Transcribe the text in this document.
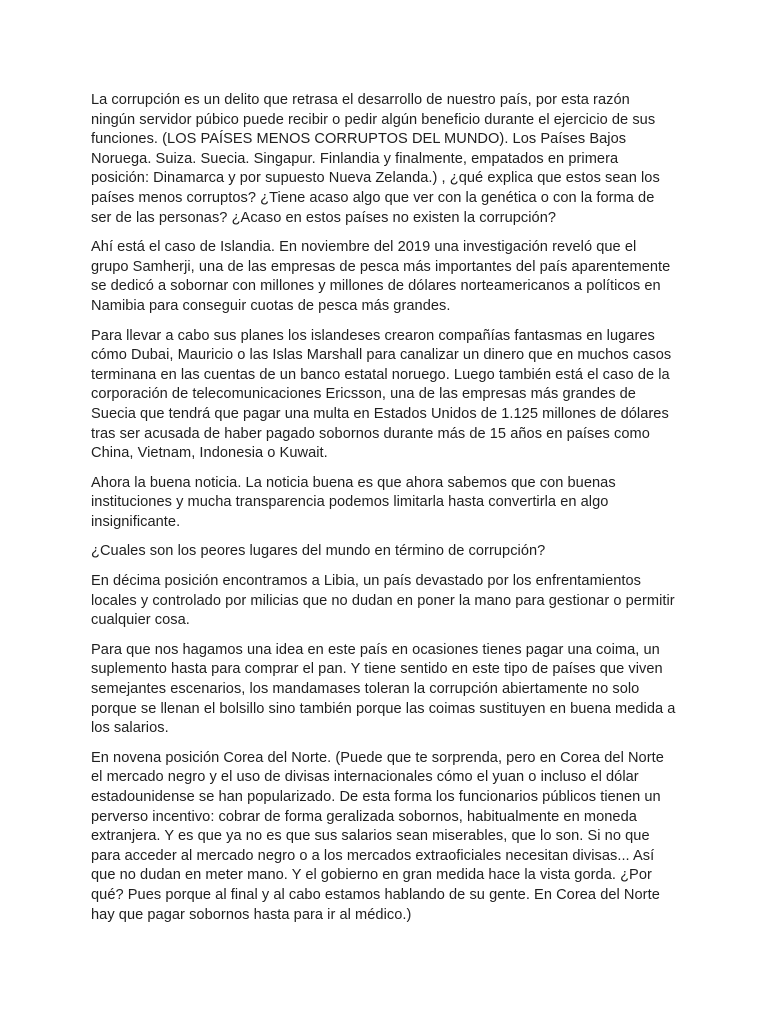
La corrupción es un delito que retrasa el desarrollo de nuestro país, por esta razón ningún servidor púbico puede recibir o pedir algún beneficio durante el ejercicio de sus funciones. (LOS PAÍSES MENOS CORRUPTOS DEL MUNDO). Los Países Bajos Noruega. Suiza. Suecia. Singapur. Finlandia y finalmente, empatados en primera posición: Dinamarca y por supuesto Nueva Zelanda.) , ¿qué explica que estos sean los países menos corruptos? ¿Tiene acaso algo que ver con la genética o con la forma de ser de las personas? ¿Acaso en estos países no existen la corrupción?

Ahí está el caso de Islandia. En noviembre del 2019 una investigación reveló que el grupo Samherji, una de las empresas de pesca más importantes del país aparentemente se dedicó a sobornar con millones y millones de dólares norteamericanos a políticos en Namibia para conseguir cuotas de pesca más grandes.

Para llevar a cabo sus planes los islandeses crearon compañías fantasmas en lugares cómo Dubai, Mauricio o las Islas Marshall para canalizar un dinero que en muchos casos terminana en las cuentas de un banco estatal noruego. Luego también está el caso de la corporación de telecomunicaciones Ericsson, una de las empresas más grandes de Suecia que tendrá que pagar una multa en Estados Unidos de 1.125 millones de dólares tras ser acusada de haber pagado sobornos durante más de 15 años en países como China, Vietnam, Indonesia o Kuwait.

Ahora la buena noticia. La noticia buena es que ahora sabemos que con buenas instituciones y mucha transparencia podemos limitarla hasta convertirla en algo insignificante.

¿Cuales son los peores lugares del mundo en término de corrupción?

En décima posición encontramos a Libia, un país devastado por los enfrentamientos locales y controlado por milicias que no dudan en poner la mano para gestionar o permitir cualquier cosa.

Para que nos hagamos una idea en este país en ocasiones tienes pagar una coima, un suplemento hasta para comprar el pan. Y tiene sentido en este tipo de países que viven semejantes escenarios, los mandamases toleran la corrupción abiertamente no solo porque se llenan el bolsillo sino también porque las coimas sustituyen en buena medida a los salarios.

En novena posición Corea del Norte. (Puede que te sorprenda, pero en Corea del Norte el mercado negro y el uso de divisas internacionales cómo el yuan o incluso el dólar estadounidense se han popularizado. De esta forma los funcionarios públicos tienen un perverso incentivo: cobrar de forma geralizada sobornos, habitualmente en moneda extranjera. Y es que ya no es que sus salarios sean miserables, que lo son. Si no que para acceder al mercado negro o a los mercados extraoficiales necesitan divisas... Así que no dudan en meter mano. Y el gobierno en gran medida hace la vista gorda. ¿Por qué? Pues porque al final y al cabo estamos hablando de su gente. En Corea del Norte hay que pagar sobornos hasta para ir al médico.)
